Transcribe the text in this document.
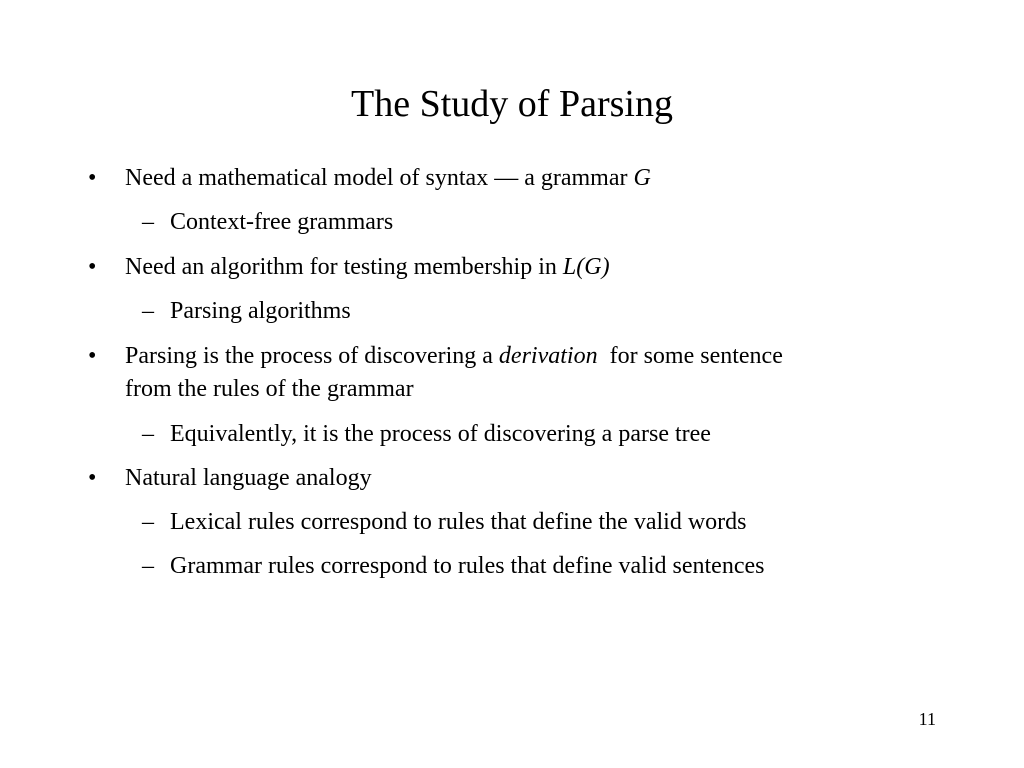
The Study of Parsing
•	Need a mathematical model of syntax — a grammar G
– Context-free grammars
•	Need an algorithm for testing membership in L(G)
– Parsing algorithms
•	Parsing is the process of discovering a derivation  for some sentence
from the rules of the grammar
– Equivalently, it is the process of discovering a parse tree
•	Natural language analogy
– Lexical rules correspond to rules that define the valid words
– Grammar rules correspond to rules that define valid sentences
11
